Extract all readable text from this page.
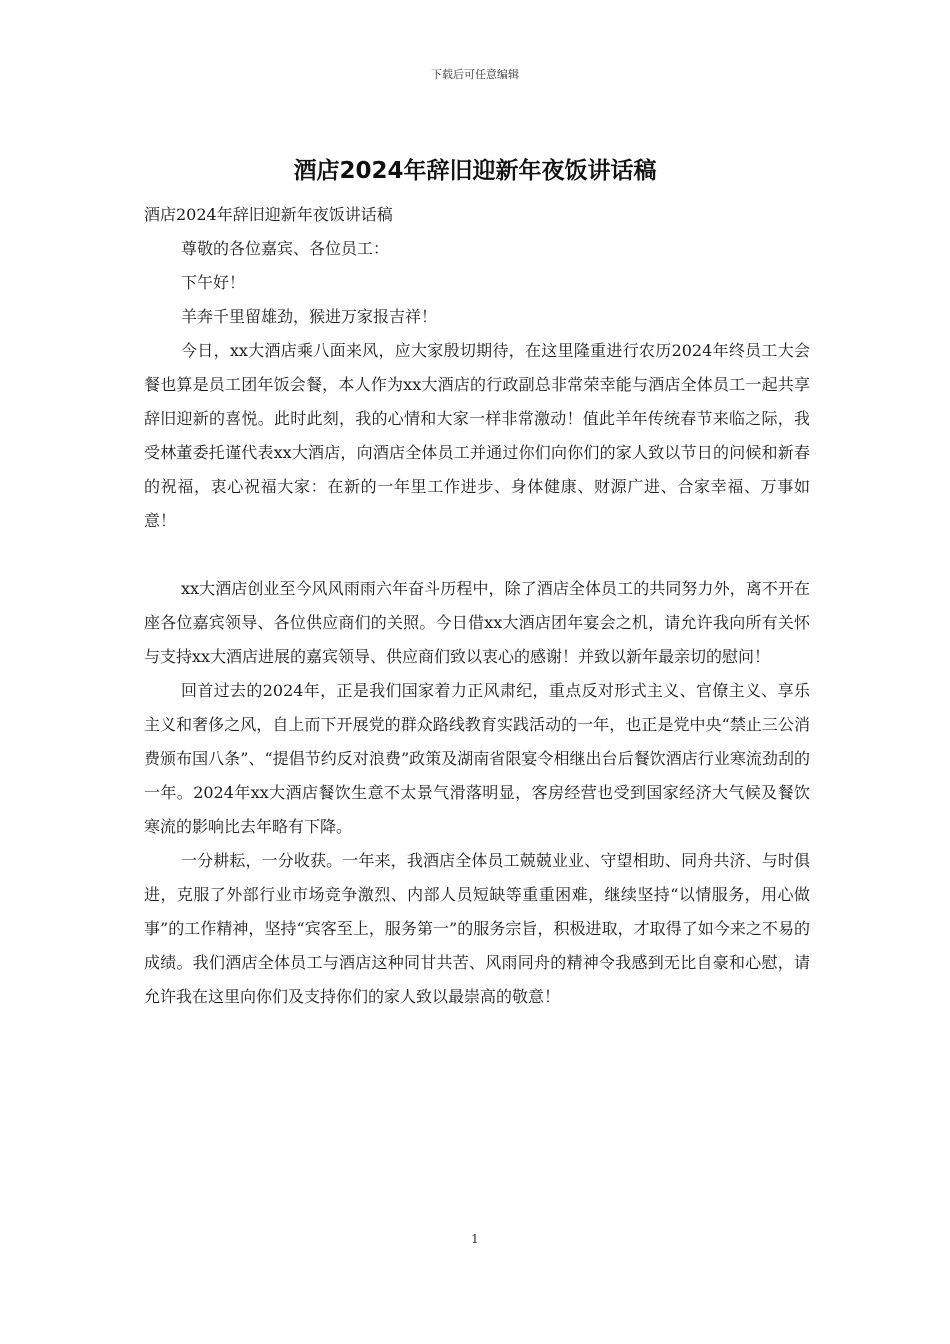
下载后可任意编辑
酒店2024年辞旧迎新年夜饭讲话稿

酒店2024年辞旧迎新年夜饭讲话稿

尊敬的各位嘉宾、各位员工：

下午好！

羊奔千里留雄劲，猴进万家报吉祥！

今日，xx大酒店乘八面来风，应大家殷切期待，在这里隆重进行农历2024年终员工大会餐也算是员工团年饭会餐，本人作为xx大酒店的行政副总非常荣幸能与酒店全体员工一起共享辞旧迎新的喜悦。此时此刻，我的心情和大家一样非常激动！值此羊年传统春节来临之际，我受林董委托谨代表xx大酒店，向酒店全体员工并通过你们向你们的家人致以节日的问候和新春的祝福，衷心祝福大家：在新的一年里工作进步、身体健康、财源广进、合家幸福、万事如意！

xx大酒店创业至今风风雨雨六年奋斗历程中，除了酒店全体员工的共同努力外，离不开在座各位嘉宾领导、各位供应商们的关照。今日借xx大酒店团年宴会之机，请允许我向所有关怀与支持xx大酒店进展的嘉宾领导、供应商们致以衷心的感谢！并致以新年最亲切的慰问！

回首过去的2024年，正是我们国家着力正风肃纪，重点反对形式主义、官僚主义、享乐主义和奢侈之风，自上而下开展党的群众路线教育实践活动的一年，也正是党中央“禁止三公消费颁布国八条”、“提倡节约反对浪费”政策及湖南省限宴令相继出台后餐饮酒店行业寒流劲刮的一年。2024年xx大酒店餐饮生意不太景气滑落明显，客房经营也受到国家经济大气候及餐饮寒流的影响比去年略有下降。

一分耕耘，一分收获。一年来，我酒店全体员工兢兢业业、守望相助、同舟共济、与时俱进，克服了外部行业市场竞争激烈、内部人员短缺等重重困难，继续坚持“以情服务，用心做事”的工作精神，坚持“宾客至上，服务第一”的服务宗旨，积极进取，才取得了如今来之不易的成绩。我们酒店全体员工与酒店这种同甘共苦、风雨同舟的精神令我感到无比自豪和心慰，请允许我在这里向你们及支持你们的家人致以最崇高的敬意！

1
